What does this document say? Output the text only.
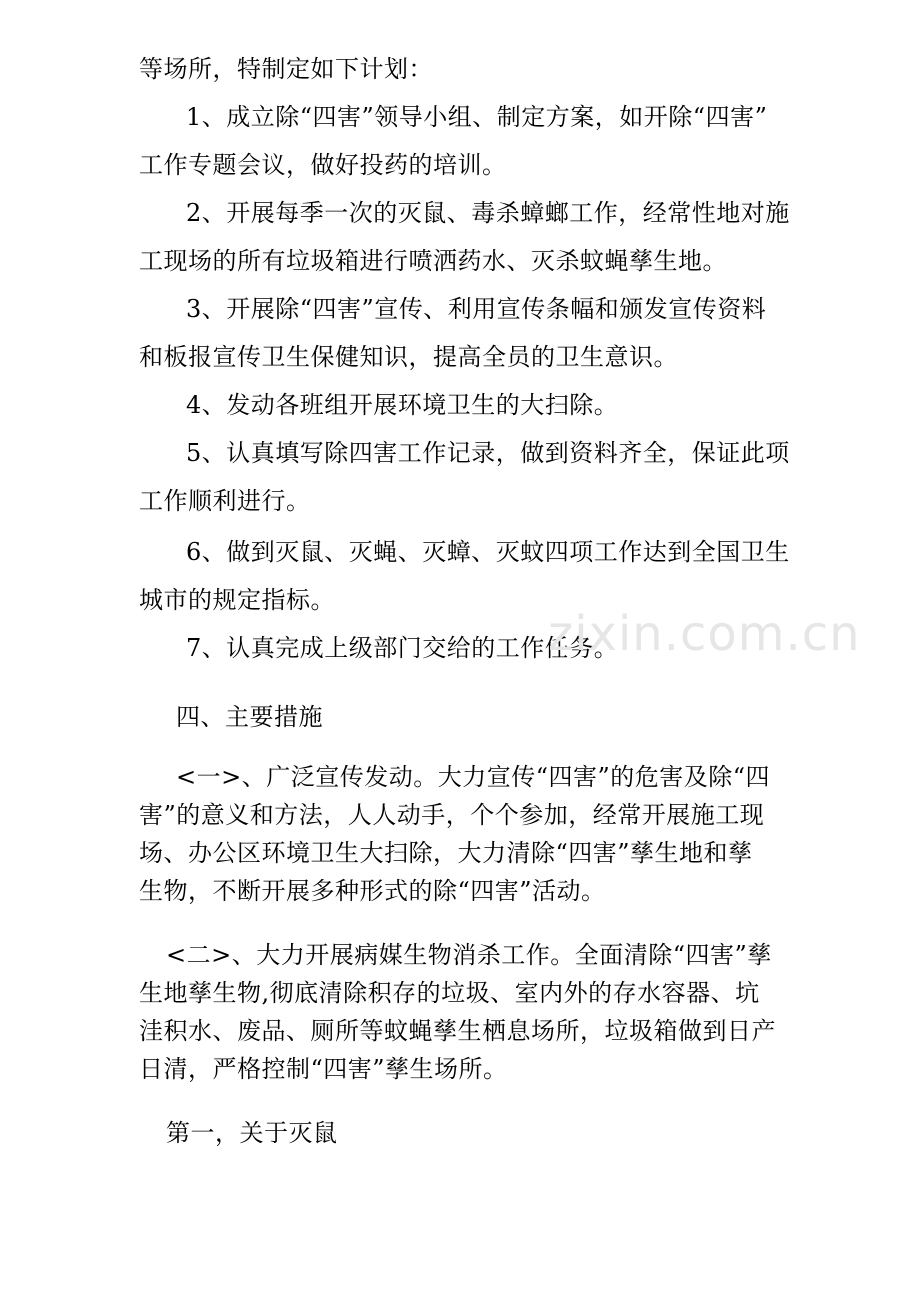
等场所，特制定如下计划：
1、成立除“四害”领导小组、制定方案，如开除“四害”
工作专题会议，做好投药的培训。
2、开展每季一次的灭鼠、毒杀蟑螂工作，经常性地对施
工现场的所有垃圾箱进行喷洒药水、灭杀蚊蝇孳生地。
3、开展除“四害”宣传、利用宣传条幅和颁发宣传资料
和板报宣传卫生保健知识，提高全员的卫生意识。
4、发动各班组开展环境卫生的大扫除。
5、认真填写除四害工作记录，做到资料齐全，保证此项
工作顺利进行。
6、做到灭鼠、灭蝇、灭蟑、灭蚊四项工作达到全国卫生
城市的规定指标。
7、认真完成上级部门交给的工作任务。
四、主要措施
<一>、广泛宣传发动。大力宣传“四害”的危害及除“四
害”的意义和方法，人人动手，个个参加，经常开展施工现
场、办公区环境卫生大扫除，大力清除“四害”孳生地和孳
生物，不断开展多种形式的除“四害”活动。
<二>、大力开展病媒生物消杀工作。全面清除“四害”孳
生地孳生物,彻底清除积存的垃圾、室内外的存水容器、坑
洼积水、废品、厕所等蚊蝇孳生栖息场所，垃圾箱做到日产
日清，严格控制“四害”孳生场所。
第一，关于灭鼠
zixin.com.cn
